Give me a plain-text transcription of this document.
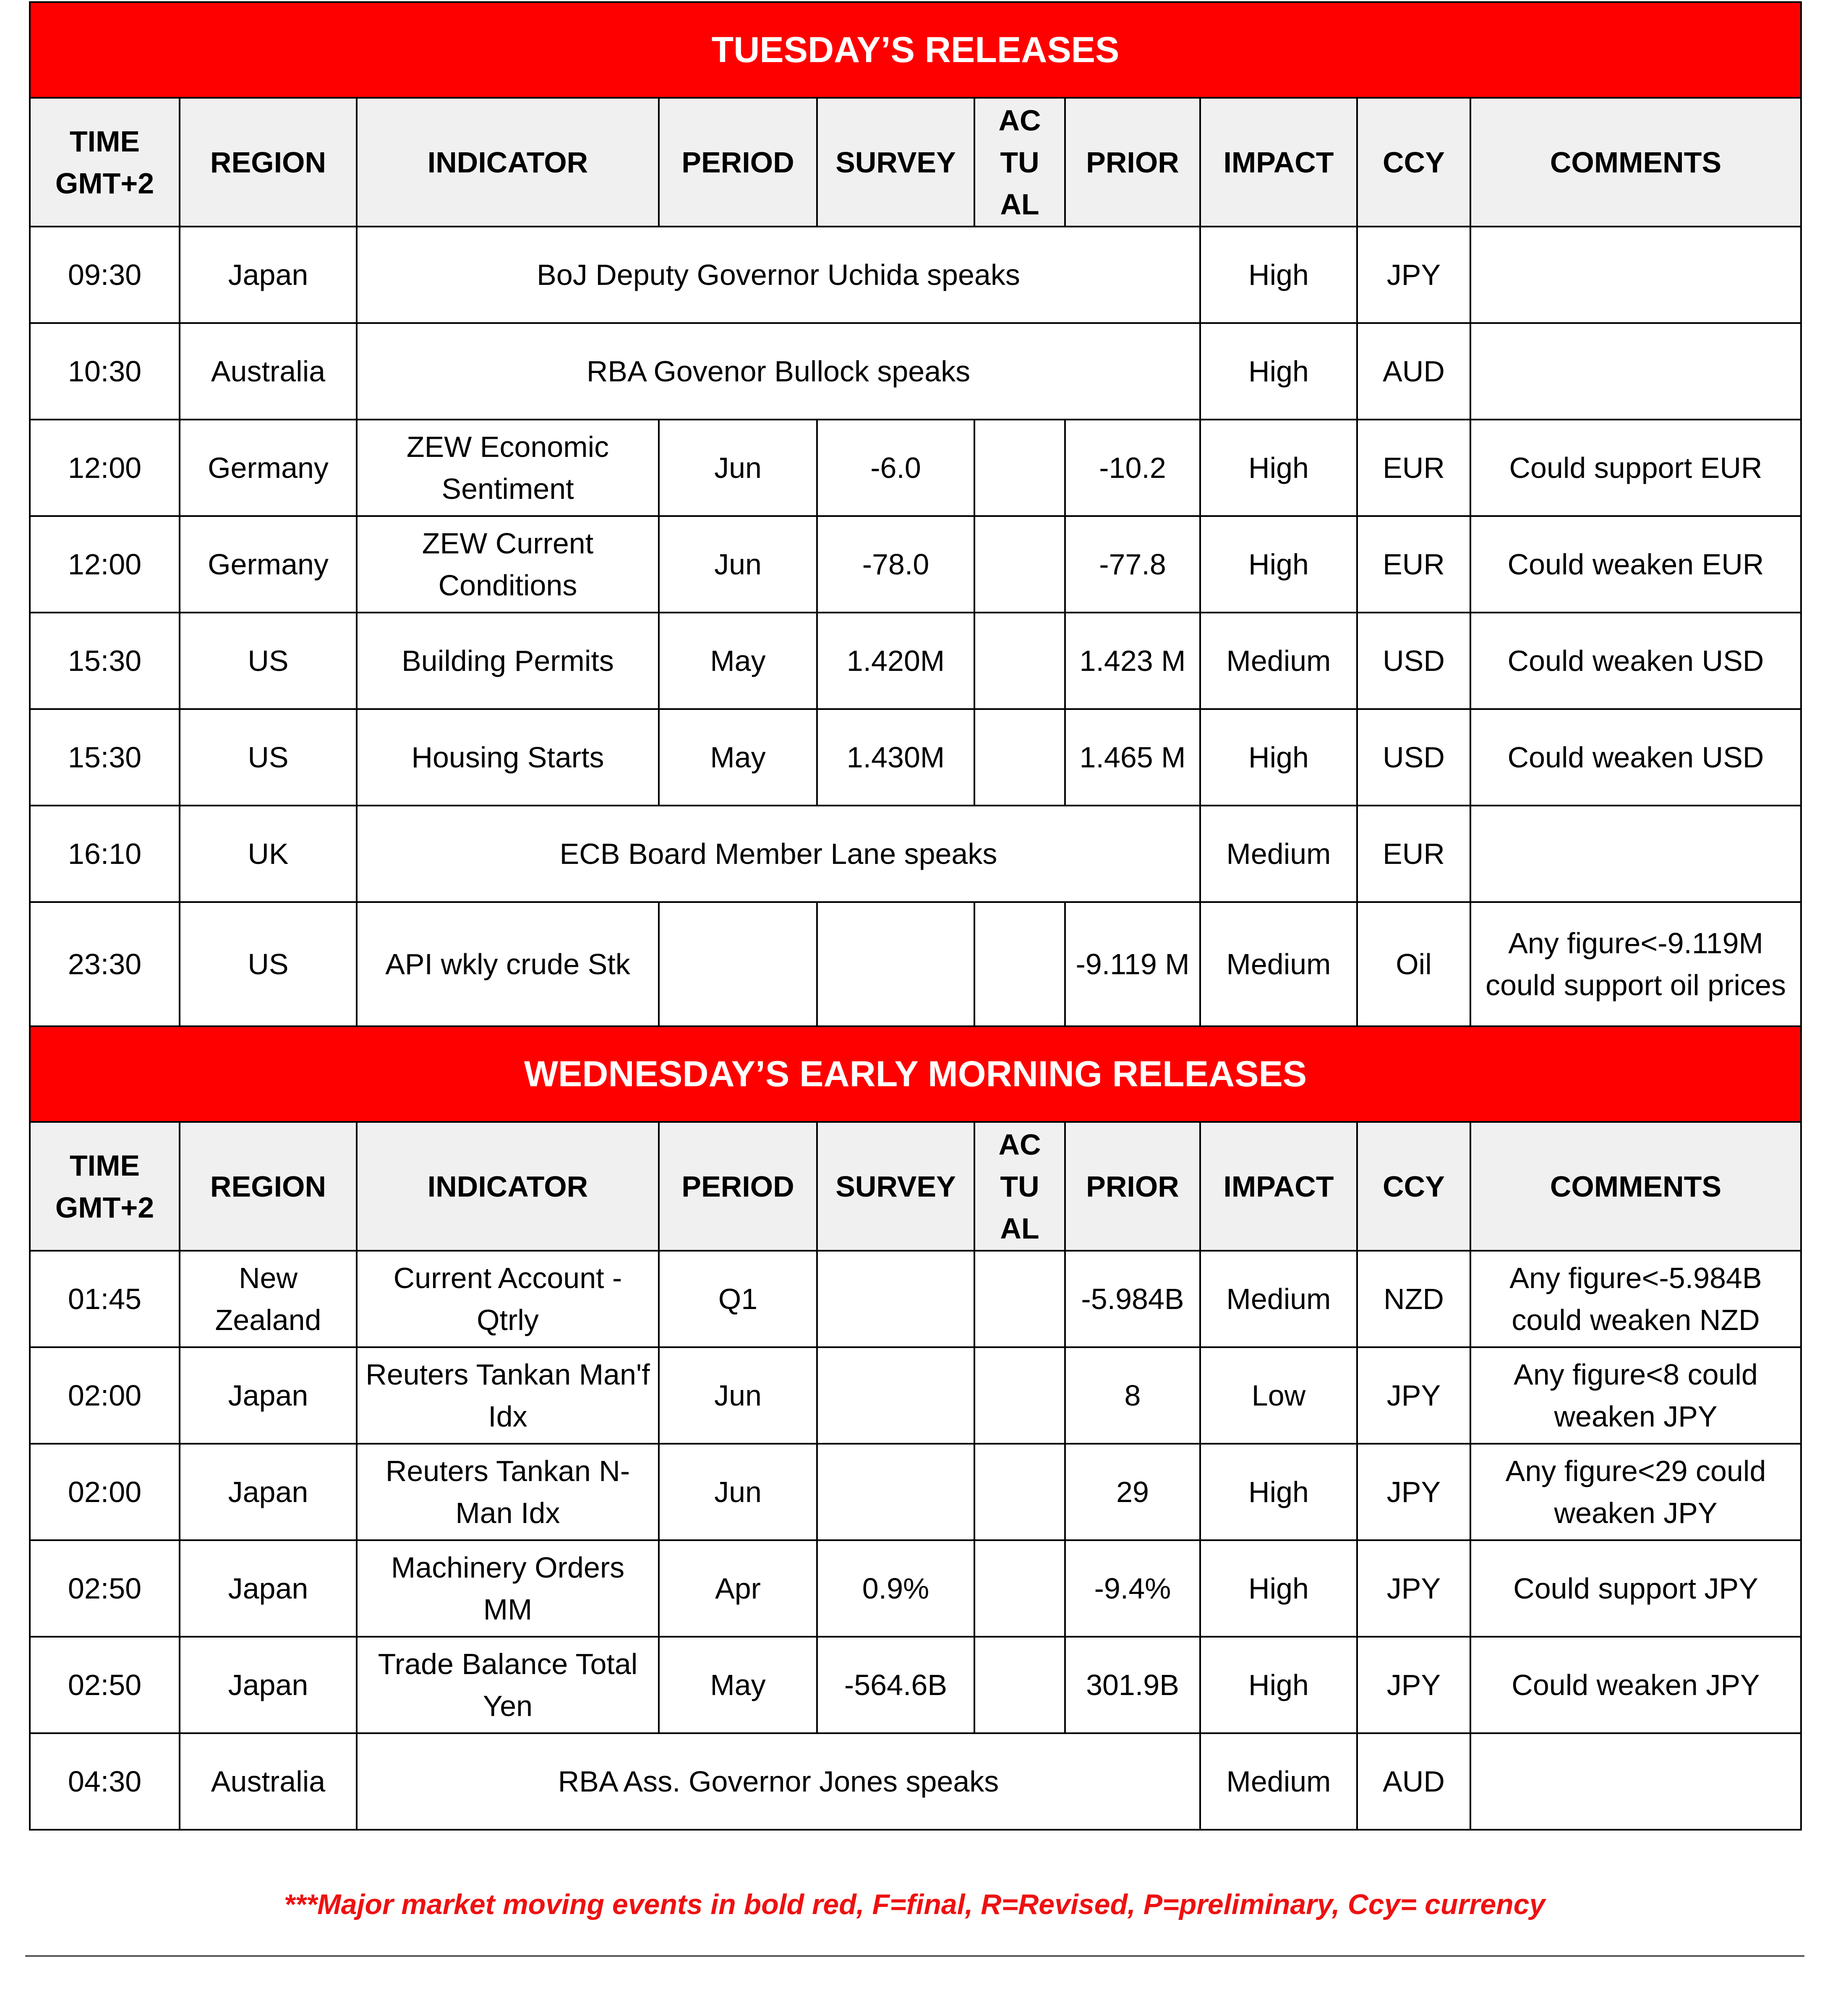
TUESDAY’S RELEASES									
TIME GMT+2	REGION	INDICATOR	PERIOD	SURVEY	AC TU AL	PRIOR	IMPACT	CCY	COMMENTS
09:30	Japan	BoJ Deputy Governor Uchida speaks					High	JPY	
10:30	Australia	RBA Govenor Bullock speaks					High	AUD	
12:00	Germany	ZEW Economic Sentiment	Jun	-6.0		-10.2	High	EUR	Could support EUR
12:00	Germany	ZEW Current Conditions	Jun	-78.0		-77.8	High	EUR	Could weaken EUR
15:30	US	Building Permits	May	1.420M		1.423 M	Medium	USD	Could weaken USD
15:30	US	Housing Starts	May	1.430M		1.465 M	High	USD	Could weaken USD
16:10	UK	ECB Board Member Lane speaks					Medium	EUR	
23:30	US	API wkly crude Stk				-9.119 M	Medium	Oil	Any figure<-9.119M could support oil prices
WEDNESDAY’S EARLY MORNING RELEASES									
TIME GMT+2	REGION	INDICATOR	PERIOD	SURVEY	AC TU AL	PRIOR	IMPACT	CCY	COMMENTS
01:45	New Zealand	Current Account - Qtrly	Q1			-5.984B	Medium	NZD	Any figure<-5.984B could weaken NZD
02:00	Japan	Reuters Tankan Man'f Idx	Jun			8	Low	JPY	Any figure<8 could weaken JPY
02:00	Japan	Reuters Tankan N-Man Idx	Jun			29	High	JPY	Any figure<29 could weaken JPY
02:50	Japan	Machinery Orders MM	Apr	0.9%		-9.4%	High	JPY	Could support JPY
02:50	Japan	Trade Balance Total Yen	May	-564.6B		301.9B	High	JPY	Could weaken JPY
04:30	Australia	RBA Ass. Governor Jones speaks					Medium	AUD	
***Major market moving events in bold red, F=final, R=Revised, P=preliminary, Ccy= currency
